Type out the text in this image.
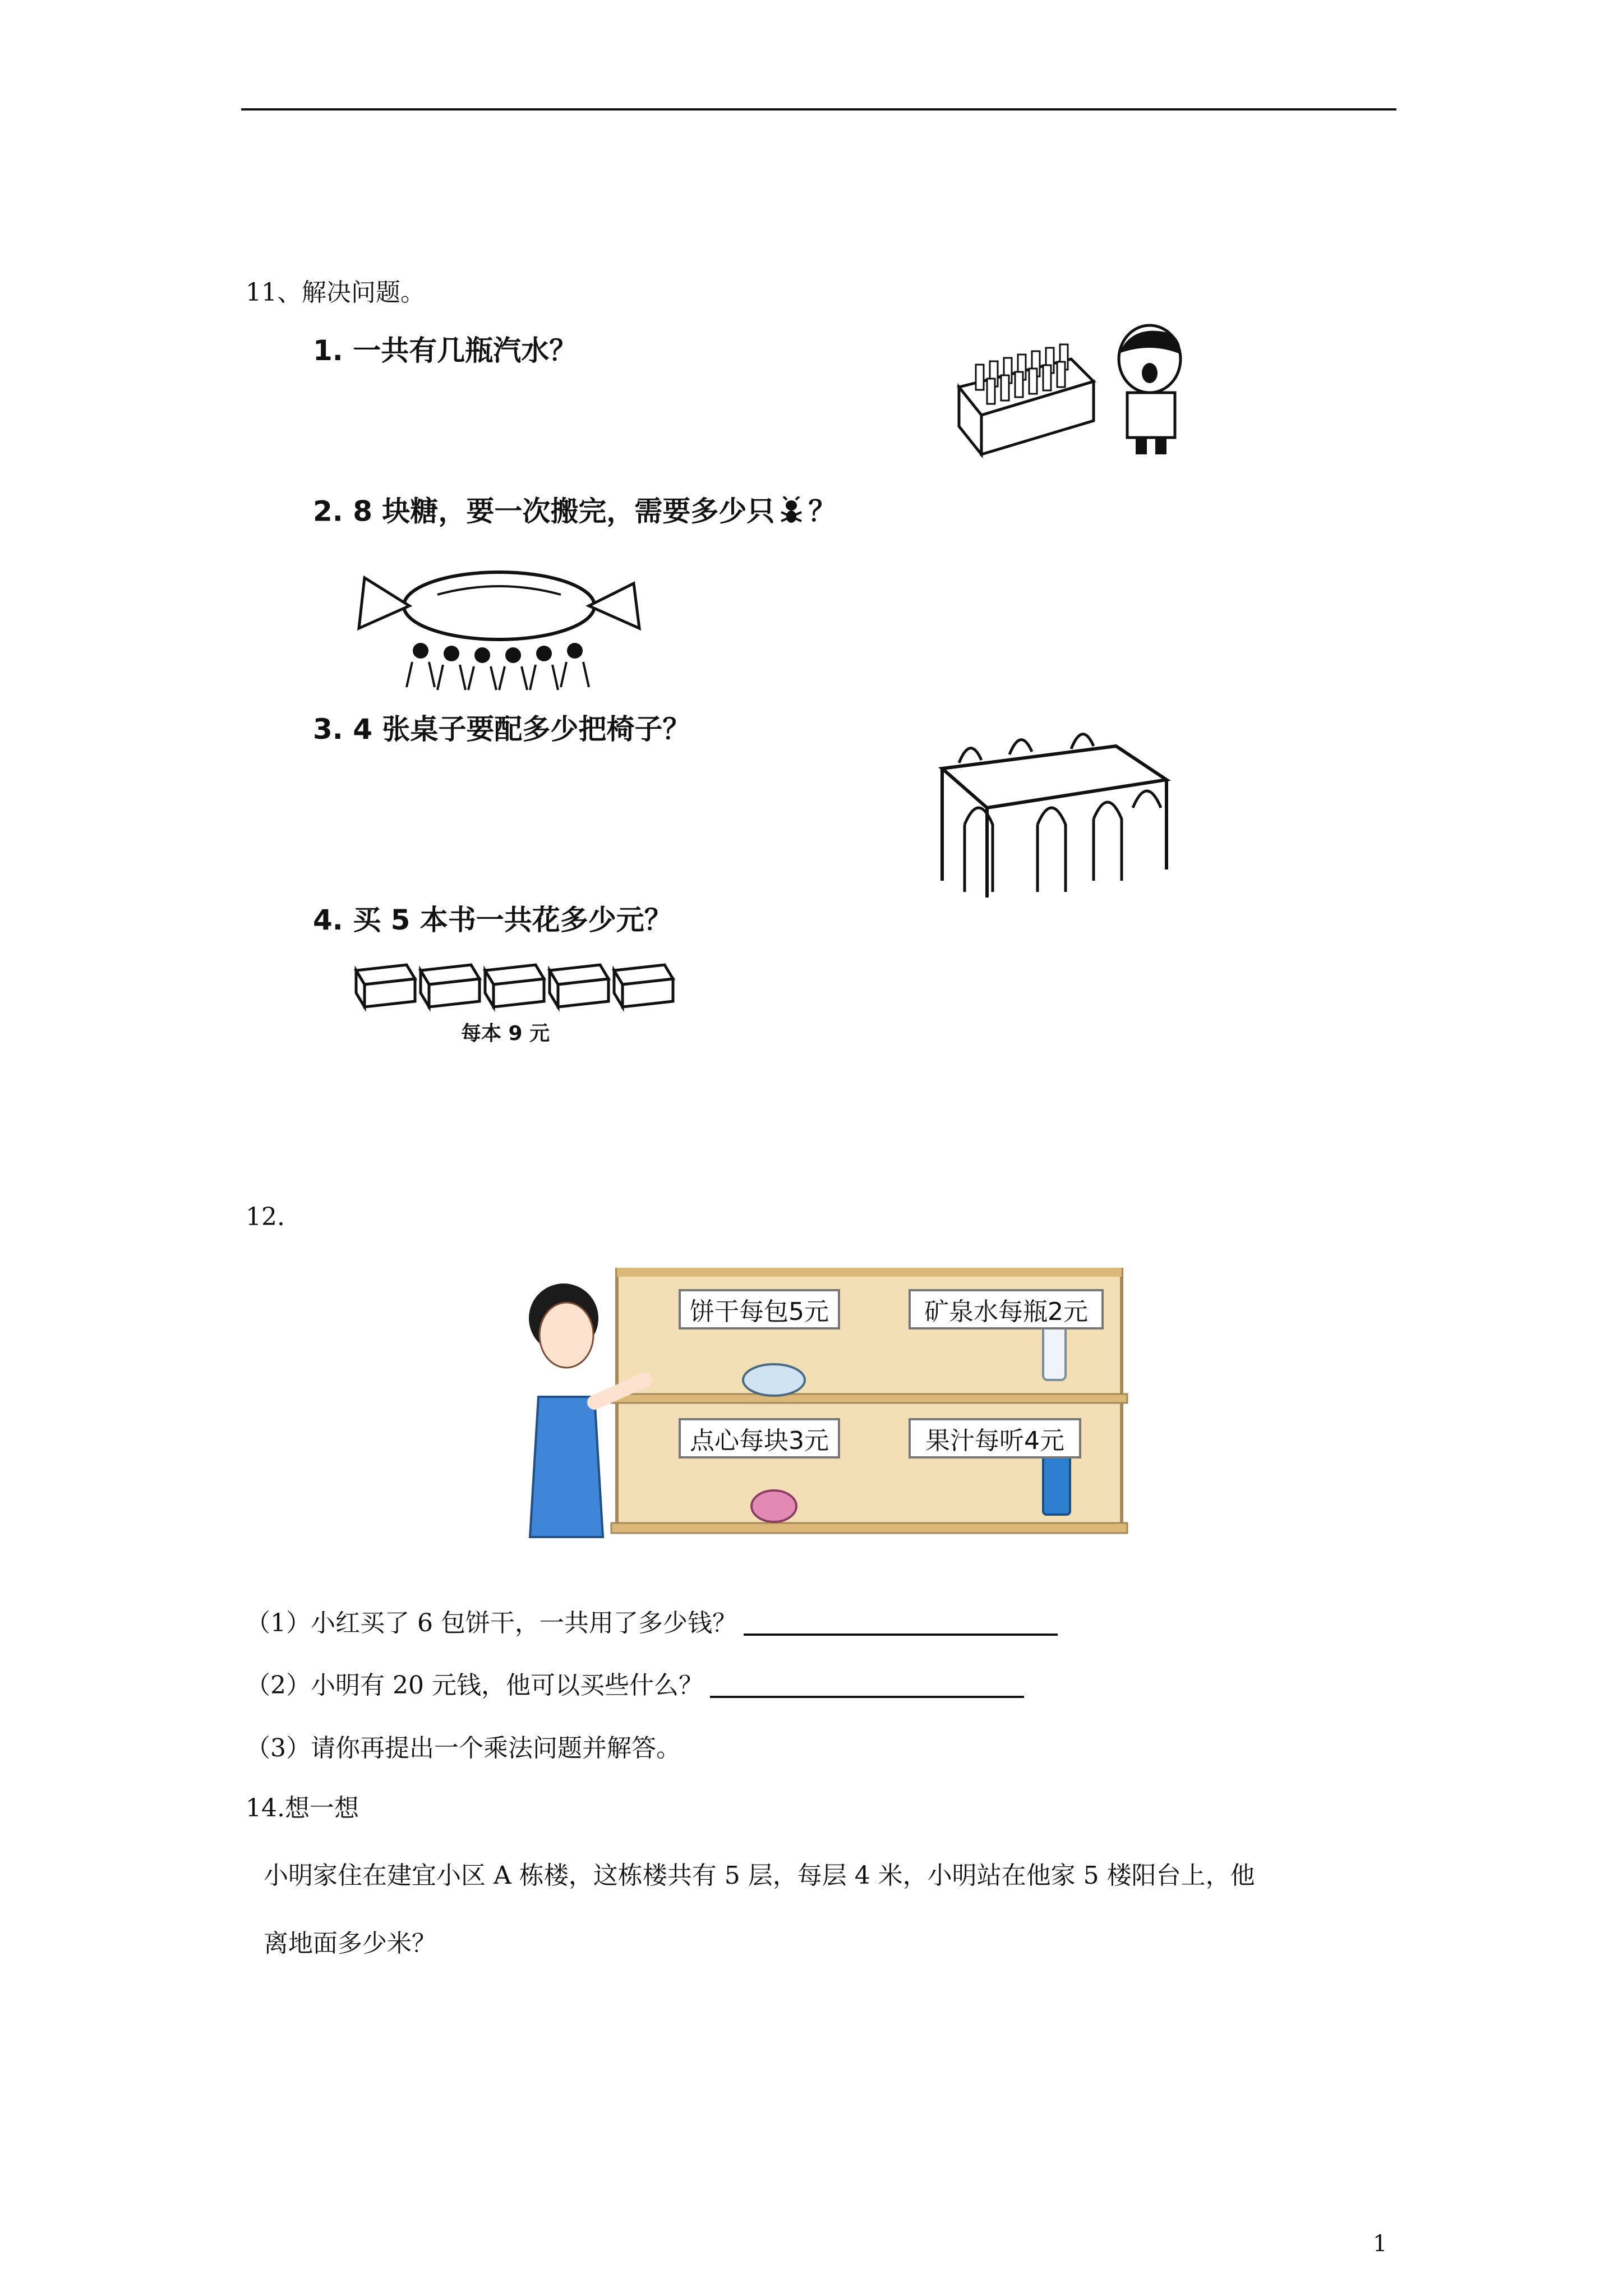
11、解决问题。
1. 一共有几瓶汽水？
2. 8 块糖，要一次搬完，需要多少只 ？
3. 4 张桌子要配多少把椅子？
4. 买 5 本书一共花多少元？
每本 9 元
12.
饼干每包5元	矿泉水每瓶2元
点心每块3元	果汁每听4元
（1）小红买了 6 包饼干，一共用了多少钱？
（2）小明有 20 元钱，他可以买些什么？
（3）请你再提出一个乘法问题并解答。
14.想一想
小明家住在建宜小区 A 栋楼，这栋楼共有 5 层，每层 4 米，小明站在他家 5 楼阳台上，他
离地面多少米？
1
